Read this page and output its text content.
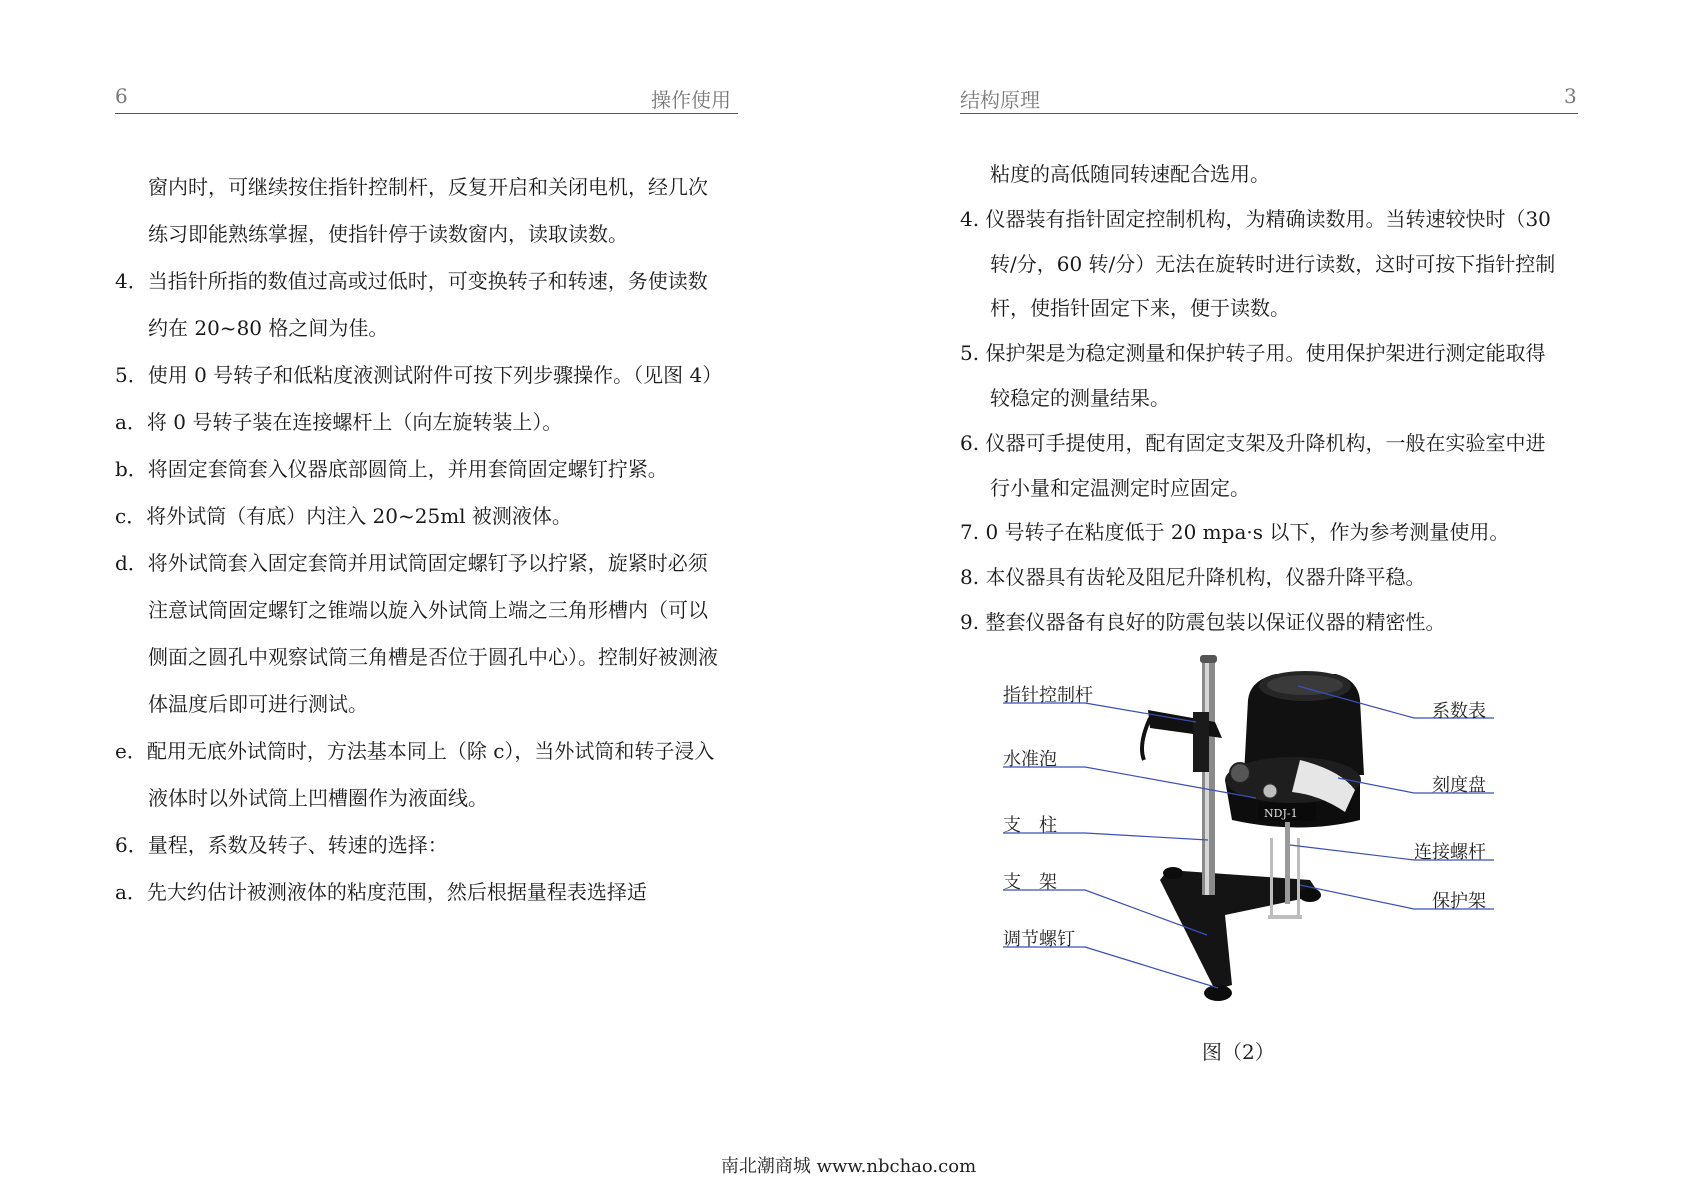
6	操作使用
窗内时，可继续按住指针控制杆，反复开启和关闭电机，经几次
练习即能熟练掌握，使指针停于读数窗内，读取读数。
4．当指针所指的数值过高或过低时，可变换转子和转速，务使读数
约在 20~80 格之间为佳。
5．使用 0 号转子和低粘度液测试附件可按下列步骤操作。（见图 4）
a．将 0 号转子装在连接螺杆上（向左旋转装上）。
b．将固定套筒套入仪器底部圆筒上，并用套筒固定螺钉拧紧。
c．将外试筒（有底）内注入 20~25ml 被测液体。
d．将外试筒套入固定套筒并用试筒固定螺钉予以拧紧，旋紧时必须
注意试筒固定螺钉之锥端以旋入外试筒上端之三角形槽内（可以
侧面之圆孔中观察试筒三角槽是否位于圆孔中心）。控制好被测液
体温度后即可进行测试。
e．配用无底外试筒时，方法基本同上（除 c），当外试筒和转子浸入
液体时以外试筒上凹槽圈作为液面线。
6．量程，系数及转子、转速的选择：
a．先大约估计被测液体的粘度范围，然后根据量程表选择适
结构原理	3
粘度的高低随同转速配合选用。
4. 仪器装有指针固定控制机构，为精确读数用。当转速较快时（30
转/分，60 转/分）无法在旋转时进行读数，这时可按下指针控制
杆，使指针固定下来，便于读数。
5. 保护架是为稳定测量和保护转子用。使用保护架进行测定能取得
较稳定的测量结果。
6. 仪器可手提使用，配有固定支架及升降机构，一般在实验室中进
行小量和定温测定时应固定。
7. 0 号转子在粘度低于 20 mpa·s 以下，作为参考测量使用。
8. 本仪器具有齿轮及阻尼升降机构，仪器升降平稳。
9. 整套仪器备有良好的防震包装以保证仪器的精密性。
NDJ-1
指针控制杆
水准泡
支　柱
支　架
调节螺钉
系数表
刻度盘
连接螺杆
保护架
图（2）
南北潮商城 www.nbchao.com
